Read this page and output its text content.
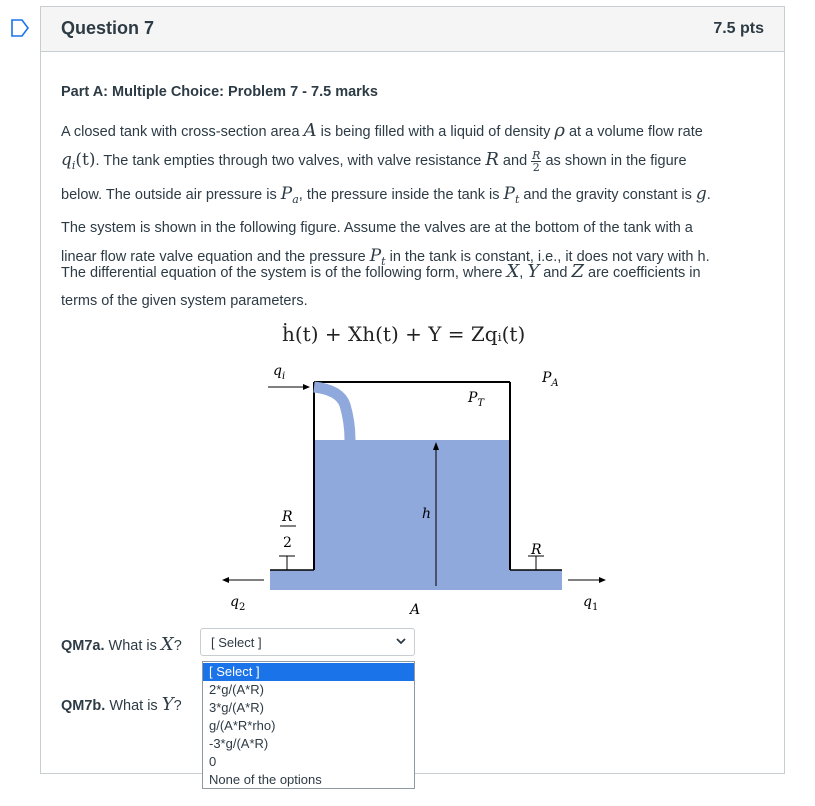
Question 7	7.5 pts
Part A: Multiple Choice: Problem 7 - 7.5 marks
A closed tank with cross-section area A is being filled with a liquid of density ρ at a volume flow rate
$q_i(t)$. The tank empties through two valves, with valve resistance R and $\frac{R}{2}$ as shown in the figure
below. The outside air pressure is $P_a$, the pressure inside the tank is $P_t$ and the gravity constant is g.
The system is shown in the following figure. Assume the valves are at the bottom of the tank with a
linear flow rate valve equation and the pressure $P_t$ in the tank is constant, i.e., it does not vary with h.
The differential equation of the system is of the following form, where X, Y and Z are coefficients in
terms of the given system parameters.
ḣ(t) + Xh(t) + Y = Zqᵢ(t)
$q_i$	$P_A$
$P_T$
h
R
2	R
$q_2$	$q_1$
A
QM7a. What is X? [ Select ]
QM7b. What is Y?
[ Select ]
2*g/(A*R)
3*g/(A*R)
g/(A*R*rho)
-3*g/(A*R)
0
None of the options
